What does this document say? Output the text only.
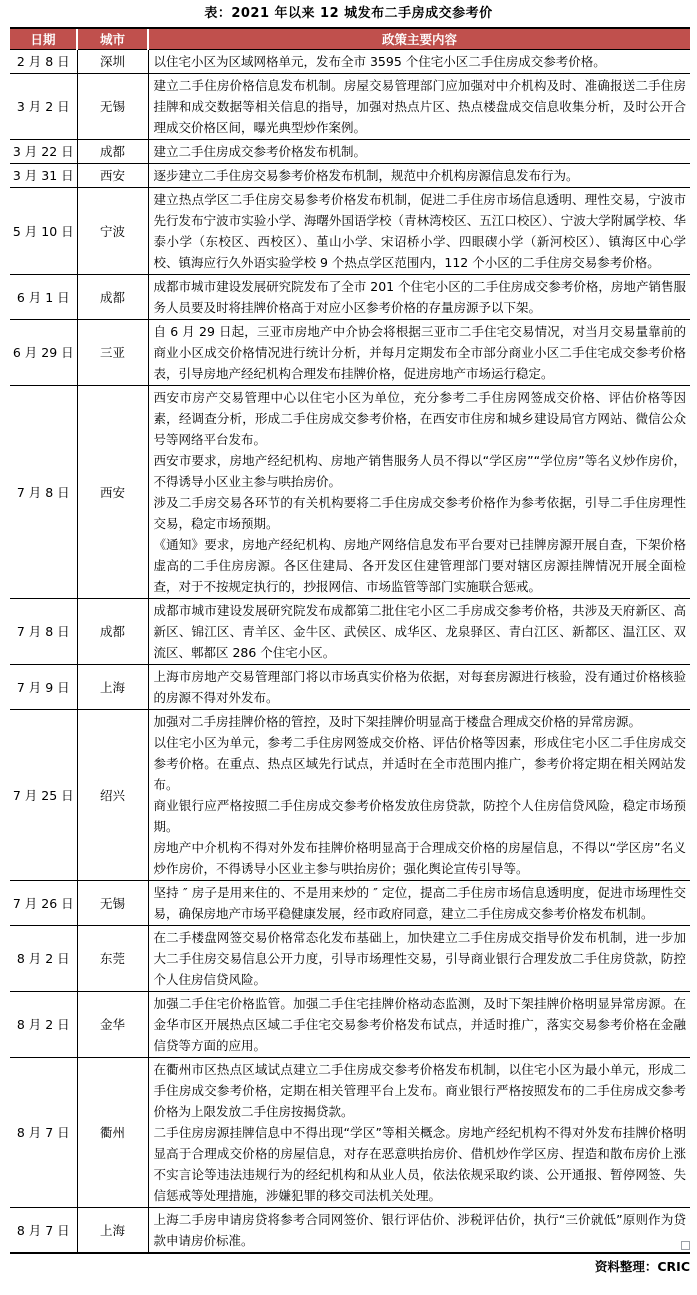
表：2021 年以来 12 城发布二手房成交参考价
日期	城市	政策主要内容
2 月 8 日	深圳	以住宅小区为区域网格单元，发布全市 3595 个住宅小区二手住房成交参考价格。

3 月 2 日	无锡	建立二手住房价格信息发布机制。房屋交易管理部门应加强对中介机构及时、准确报送二手住房挂牌和成交数据等相关信息的指导，加强对热点片区、热点楼盘成交信息收集分析，及时公开合理成交价格区间，曝光典型炒作案例。

3 月 22 日	成都	建立二手住房成交参考价格发布机制。

3 月 31 日	西安	逐步建立二手住房交易参考价格发布机制，规范中介机构房源信息发布行为。

5 月 10 日	宁波	建立热点学区二手住房交易参考价格发布机制，促进二手住房市场信息透明、理性交易，宁波市先行发布宁波市实验小学、海曙外国语学校（青林湾校区、五江口校区）、宁波大学附属学校、华泰小学（东校区、西校区）、堇山小学、宋诏桥小学、四眼碶小学（新河校区）、镇海区中心学校、镇海应行久外语实验学校 9 个热点学区范围内，112 个小区的二手住房交易参考价格。

6 月 1 日	成都	成都市城市建设发展研究院发布了全市 201 个住宅小区的二手住房成交参考价格，房地产销售服务人员要及时将挂牌价格高于对应小区参考价格的存量房源予以下架。

6 月 29 日	三亚	自 6 月 29 日起，三亚市房地产中介协会将根据三亚市二手住宅交易情况，对当月交易量靠前的商业小区成交价格情况进行统计分析，并每月定期发布全市部分商业小区二手住宅成交参考价格表，引导房地产经纪机构合理发布挂牌价格，促进房地产市场运行稳定。

7 月 8 日	西安	西安市房产交易管理中心以住宅小区为单位，充分参考二手住房网签成交价格、评估价格等因素，经调查分析，形成二手住房成交参考价格，在西安市住房和城乡建设局官方网站、微信公众号等网络平台发布。

西安市要求，房地产经纪机构、房地产销售服务人员不得以“学区房”“学位房”等名义炒作房价，不得诱导小区业主参与哄抬房价。

涉及二手房交易各环节的有关机构要将二手住房成交参考价格作为参考依据，引导二手住房理性交易，稳定市场预期。

《通知》要求，房地产经纪机构、房地产网络信息发布平台要对已挂牌房源开展自查，下架价格虚高的二手住房房源。各区住建局、各开发区住建管理部门要对辖区房源挂牌情况开展全面检查，对于不按规定执行的，抄报网信、市场监管等部门实施联合惩戒。

7 月 8 日	成都	成都市城市建设发展研究院发布成都第二批住宅小区二手房成交参考价格，共涉及天府新区、高新区、锦江区、青羊区、金牛区、武侯区、成华区、龙泉驿区、青白江区、新都区、温江区、双流区、郫都区 286 个住宅小区。

7 月 9 日	上海	上海市房地产交易管理部门将以市场真实价格为依据，对每套房源进行核验，没有通过价格核验的房源不得对外发布。

7 月 25 日	绍兴	加强对二手房挂牌价格的管控，及时下架挂牌价明显高于楼盘合理成交价格的异常房源。

以住宅小区为单元，参考二手住房网签成交价格、评估价格等因素，形成住宅小区二手住房成交参考价格。在重点、热点区域先行试点，并适时在全市范围内推广，参考价将定期在相关网站发布。

商业银行应严格按照二手住房成交参考价格发放住房贷款，防控个人住房信贷风险，稳定市场预期。

房地产中介机构不得对外发布挂牌价格明显高于合理成交价格的房屋信息，不得以“学区房”名义炒作房价，不得诱导小区业主参与哄抬房价；强化舆论宣传引导等。

7 月 26 日	无锡	坚持 ″ 房子是用来住的、不是用来炒的 ″ 定位，提高二手住房市场信息透明度，促进市场理性交易，确保房地产市场平稳健康发展，经市政府同意，建立二手住房成交参考价格发布机制。

8 月 2 日	东莞	在二手楼盘网签交易价格常态化发布基础上，加快建立二手住房成交指导价发布机制，进一步加大二手住房交易信息公开力度，引导市场理性交易，引导商业银行合理发放二手住房贷款，防控个人住房信贷风险。

8 月 2 日	金华	加强二手住宅价格监管。加强二手住宅挂牌价格动态监测，及时下架挂牌价格明显异常房源。在金华市区开展热点区域二手住宅交易参考价格发布试点，并适时推广，落实交易参考价格在金融信贷等方面的应用。

8 月 7 日	衢州	在衢州市区热点区域试点建立二手住房成交参考价格发布机制，以住宅小区为最小单元，形成二手住房成交参考价格，定期在相关管理平台上发布。商业银行严格按照发布的二手住房成交参考价格为上限发放二手住房按揭贷款。

二手住房房源挂牌信息中不得出现“学区”等相关概念。房地产经纪机构不得对外发布挂牌价格明显高于合理成交价格的房屋信息，对存在恶意哄抬房价、借机炒作学区房、捏造和散布房价上涨不实言论等违法违规行为的经纪机构和从业人员，依法依规采取约谈、公开通报、暂停网签、失信惩戒等处理措施，涉嫌犯罪的移交司法机关处理。

8 月 7 日	上海	上海二手房申请房贷将参考合同网签价、银行评估价、涉税评估价，执行“三价就低”原则作为贷款申请房价标准。

资料整理：CRIC
